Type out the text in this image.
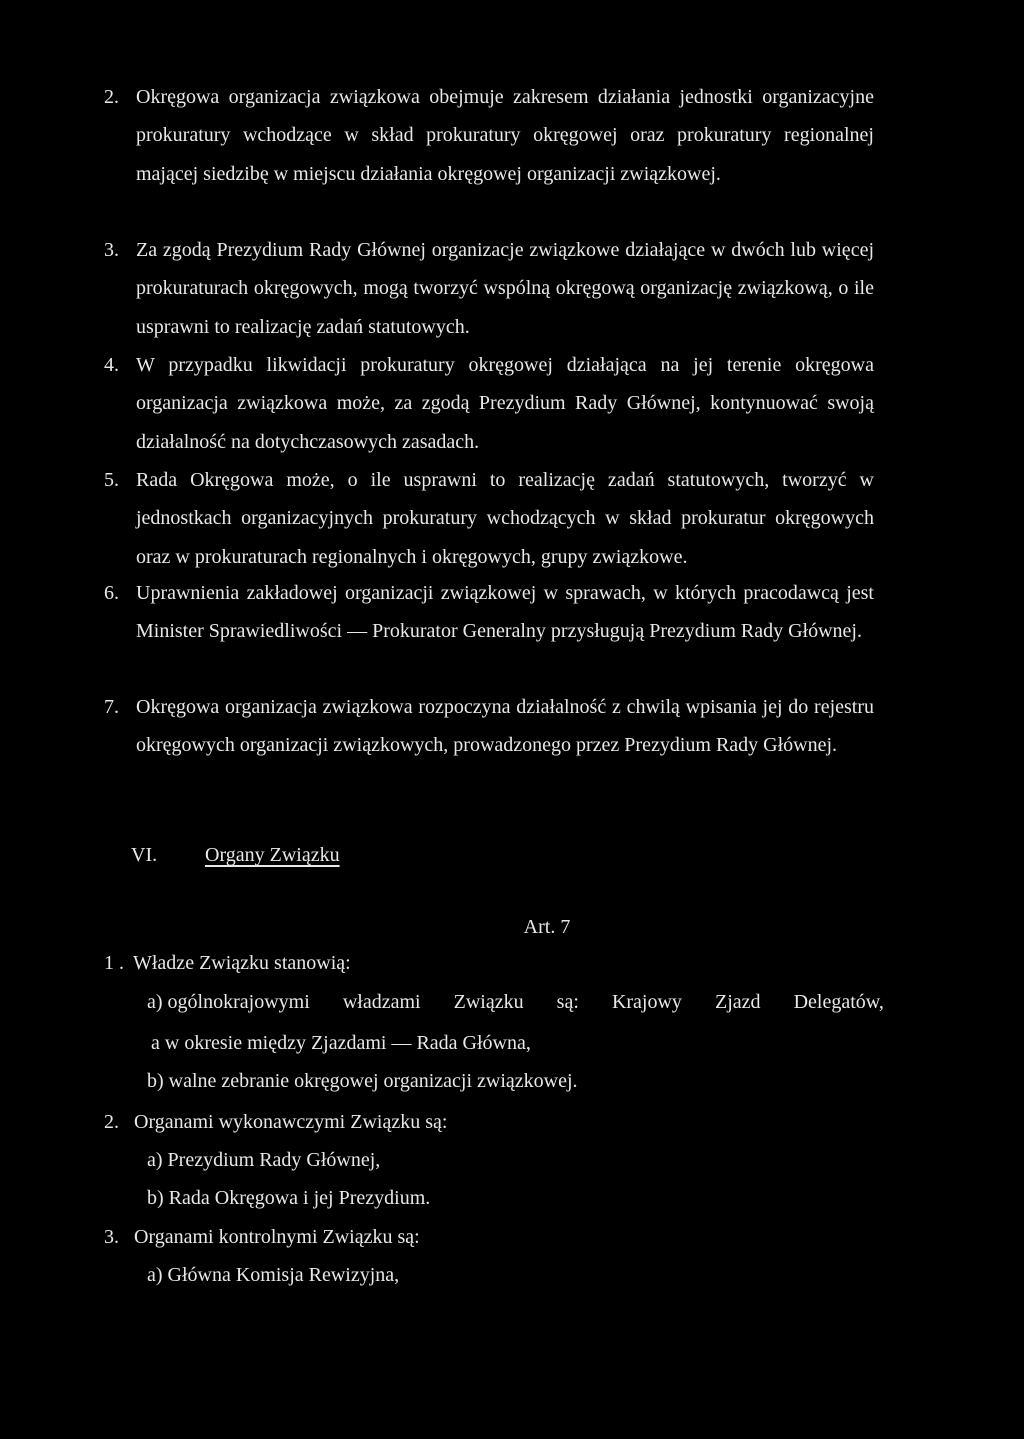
2. Okręgowa organizacja związkowa obejmuje zakresem działania jednostki organizacyjne prokuratury wchodzące w skład prokuratury okręgowej oraz prokuratury regionalnej mającej siedzibę w miejscu działania okręgowej organizacji związkowej.
3. Za zgodą Prezydium Rady Głównej organizacje związkowe działające w dwóch lub więcej prokuraturach okręgowych, mogą tworzyć wspólną okręgową organizację związkową, o ile usprawni to realizację zadań statutowych.
4. W przypadku likwidacji prokuratury okręgowej działająca na jej terenie okręgowa organizacja związkowa może, za zgodą Prezydium Rady Głównej, kontynuować swoją działalność na dotychczasowych zasadach.
5. Rada Okręgowa może, o ile usprawni to realizację zadań statutowych, tworzyć w jednostkach organizacyjnych prokuratury wchodzących w skład prokuratur okręgowych oraz w prokuraturach regionalnych i okręgowych, grupy związkowe.
6. Uprawnienia zakładowej organizacji związkowej w sprawach, w których pracodawcą jest Minister Sprawiedliwości — Prokurator Generalny przysługują Prezydium Rady Głównej.
7. Okręgowa organizacja związkowa rozpoczyna działalność z chwilą wpisania jej do rejestru okręgowych organizacji związkowych, prowadzonego przez Prezydium Rady Głównej.
VI. Organy Związku
Art. 7
1 . Władze Związku stanowią:
a) ogólnokrajowymi władzami Związku są: Krajowy Zjazd Delegatów,
a w okresie między Zjazdami — Rada Główna,
b) walne zebranie okręgowej organizacji związkowej.
2. Organami wykonawczymi Związku są:
a) Prezydium Rady Głównej,
b) Rada Okręgowa i jej Prezydium.
3. Organami kontrolnymi Związku są:
a) Główna Komisja Rewizyjna,
